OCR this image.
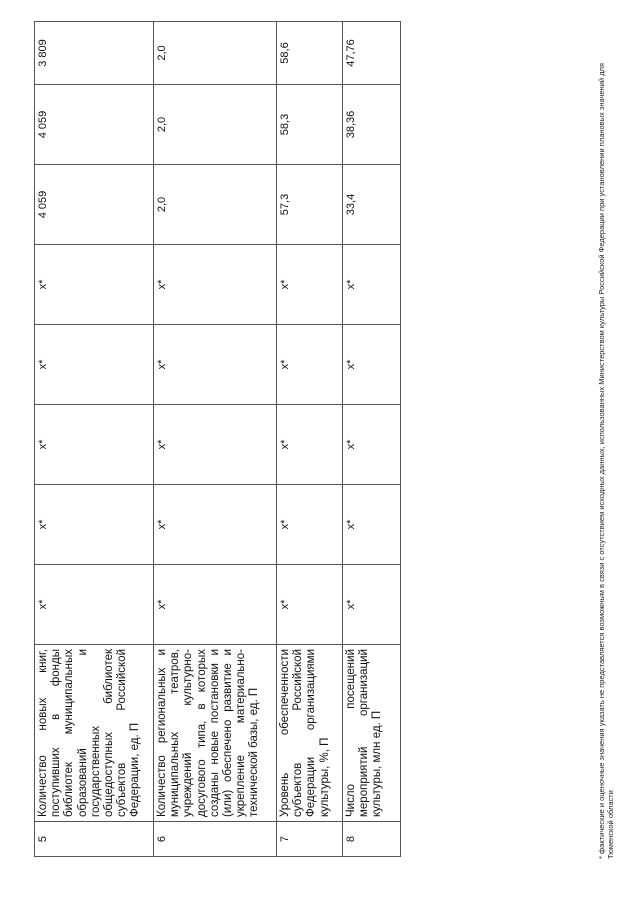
5	Количество новых книг, поступивших в фонды библиотек муниципальных образований и государственных общедоступных библиотек субъектов Российской Федерации, ед. П	x*	x*	x*	x*	x*	4 059	4 059	3 809
6	Количество региональных и муниципальных театров, учреждений культурно-досугового типа, в которых созданы новые постановки и (или) обеспечено развитие и укрепление материально-технической базы, ед. П	x*	x*	x*	x*	x*	2,0	2,0	2,0
7	Уровень обеспеченности субъектов Российской Федерации организациями культуры, %, П	x*	x*	x*	x*	x*	57,3	58,3	58,6
8	Число посещений мероприятий организаций культуры, млн ед. П	x*	x*	x*	x*	x*	33,4	38,36	47,76
* фактические и оценочные значения указать не представляется возможным в связи с отсутствием исходных данных, использованных Министерством культуры Российской Федерации при установлении плановых значений для Тюменской области
